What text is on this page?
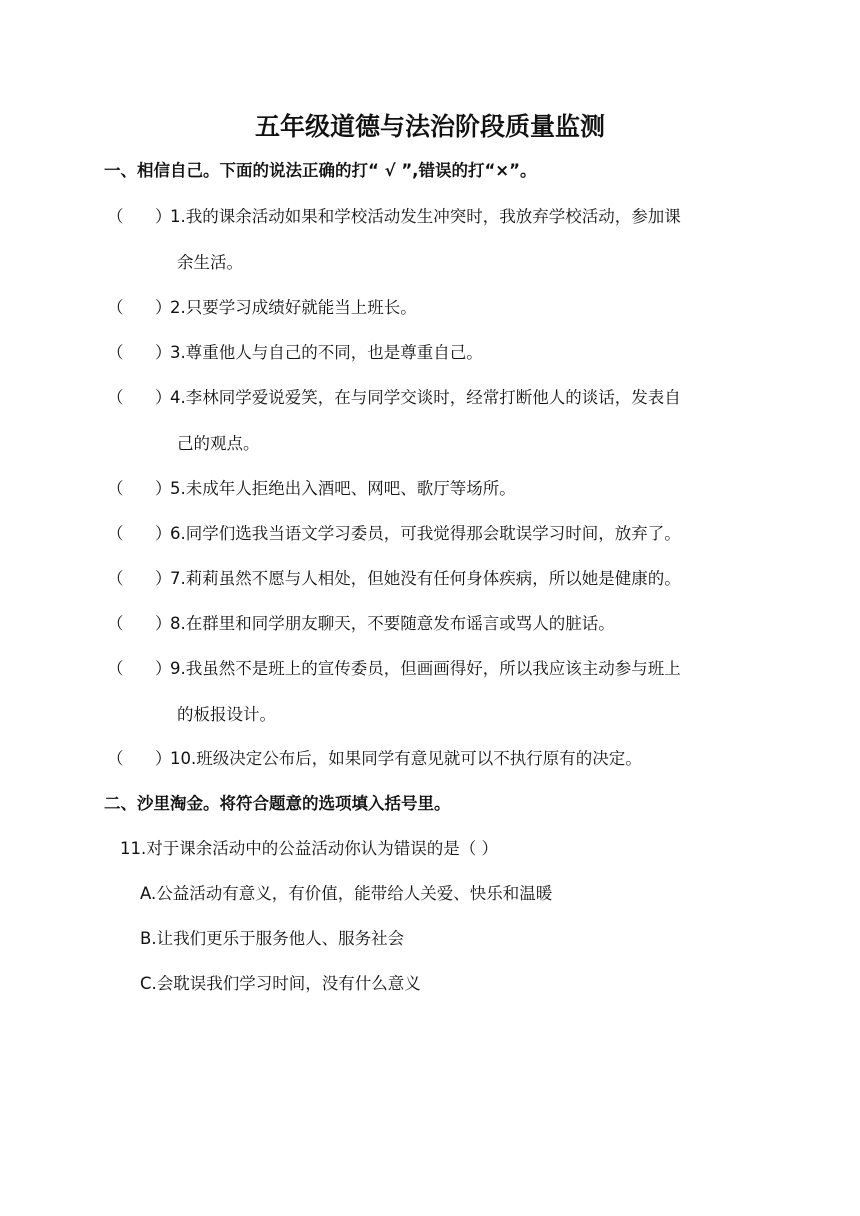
五年级道德与法治阶段质量监测
一、相信自己。下面的说法正确的打“ √ ”,错误的打“×”。
（      ）
1.我的课余活动如果和学校活动发生冲突时，我放弃学校活动，参加课
余生活。
（      ）
2.只要学习成绩好就能当上班长。
（      ）
3.尊重他人与自己的不同，也是尊重自己。
（      ）
4.李林同学爱说爱笑，在与同学交谈时，经常打断他人的谈话，发表自
己的观点。
（      ）
5.未成年人拒绝出入酒吧、网吧、歌厅等场所。
（      ）
6.同学们选我当语文学习委员，可我觉得那会耽误学习时间，放弃了。
（      ）
7.莉莉虽然不愿与人相处，但她没有任何身体疾病，所以她是健康的。
（      ）
8.在群里和同学朋友聊天，不要随意发布谣言或骂人的脏话。
（      ）
9.我虽然不是班上的宣传委员，但画画得好，所以我应该主动参与班上
的板报设计。
（      ）
10.班级决定公布后，如果同学有意见就可以不执行原有的决定。
二、沙里淘金。将符合题意的选项填入括号里。
11.对于课余活动中的公益活动你认为错误的是（ ）
A.公益活动有意义，有价值，能带给人关爱、快乐和温暖
B.让我们更乐于服务他人、服务社会
C.会耽误我们学习时间，没有什么意义
